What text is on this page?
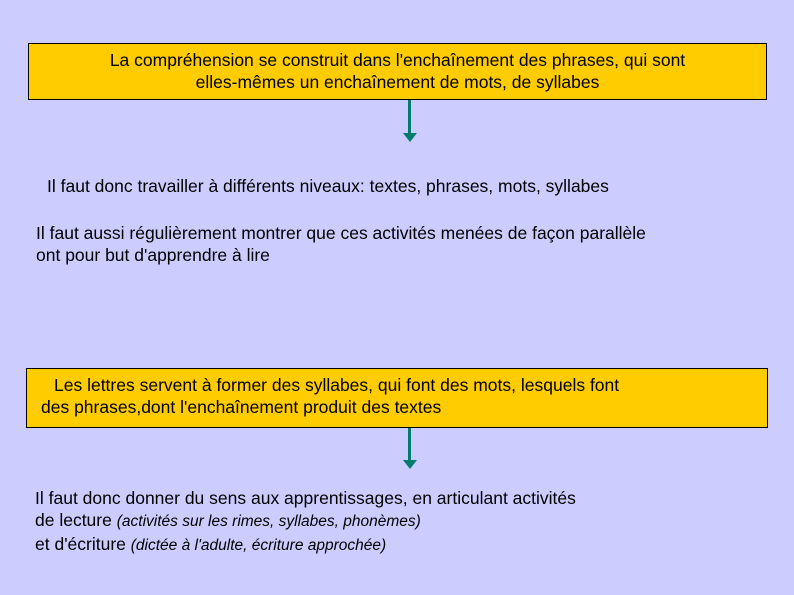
La compréhension se construit dans l'enchaînement des phrases, qui sont
elles-mêmes un enchaînement de mots, de syllabes
Il faut donc travailler à différents niveaux: textes, phrases, mots, syllabes
Il faut aussi régulièrement montrer que ces activités menées de façon parallèle
ont pour but d'apprendre à lire
Les lettres servent à former des syllabes, qui font des mots, lesquels font
des phrases,dont l'enchaînement produit des textes
Il faut donc donner du sens aux apprentissages, en articulant activités
de lecture (activités sur les rimes, syllabes, phonèmes)
et d'écriture (dictée à l'adulte, écriture approchée)
